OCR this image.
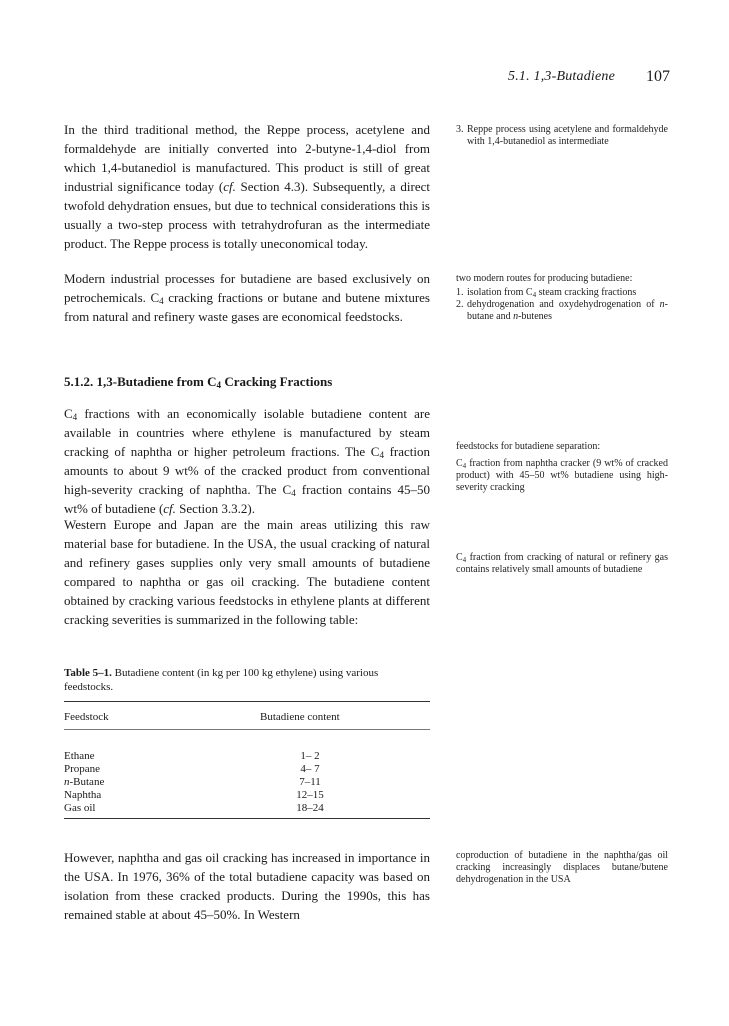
5.1. 1,3-Butadiene 107

In the third traditional method, the Reppe process, acetylene and formaldehyde are initially converted into 2-butyne-1,4-diol from which 1,4-butanediol is manufactured. This product is still of great industrial significance today (cf. Section 4.3). Subsequently, a direct twofold dehydration ensues, but due to technical considerations this is usually a two-step process with tetrahydrofuran as the intermediate product. The Reppe process is totally uneconomical today.

3. Reppe process using acetylene and formaldehyde with 1,4-butanediol as intermediate

Modern industrial processes for butadiene are based exclusively on petrochemicals. $C_4$ cracking fractions or butane and butene mixtures from natural and refinery waste gases are economical feedstocks.

two modern routes for producing butadiene:

1. isolation from $C_4$ steam cracking fractions
2. dehydrogenation and oxydehydrogenation of n-butane and n-butenes
5.1.2. 1,3-Butadiene from $C_4$ Cracking Fractions

$C_4$ fractions with an economically isolable butadiene content are available in countries where ethylene is manufactured by steam cracking of naphtha or higher petroleum fractions. The $C_4$ fraction amounts to about 9 wt% of the cracked product from conventional high-severity cracking of naphtha. The $C_4$ fraction contains 45–50 wt% of butadiene (cf. Section 3.3.2).

feedstocks for butadiene separation:

$C_4$ fraction from naphtha cracker (9 wt% of cracked product) with 45–50 wt% butadiene using high-severity cracking

Western Europe and Japan are the main areas utilizing this raw material base for butadiene. In the USA, the usual cracking of natural and refinery gases supplies only very small amounts of butadiene compared to naphtha or gas oil cracking. The butadiene content obtained by cracking various feedstocks in ethylene plants at different cracking severities is summarized in the following table:

$C_4$ fraction from cracking of natural or refinery gas contains relatively small amounts of butadiene

Table 5–1. Butadiene content (in kg per 100 kg ethylene) using various feedstocks.
Feedstock	Butadiene content
Ethane	1– 2
Propane	4– 7
n-Butane	7–11
Naphtha	12–15
Gas oil	18–24

However, naphtha and gas oil cracking has increased in importance in the USA. In 1976, 36% of the total butadiene capacity was based on isolation from these cracked products. During the 1990s, this has remained stable at about 45–50%. In Western

coproduction of butadiene in the naphtha/gas oil cracking increasingly displaces butane/butene dehydrogenation in the USA
